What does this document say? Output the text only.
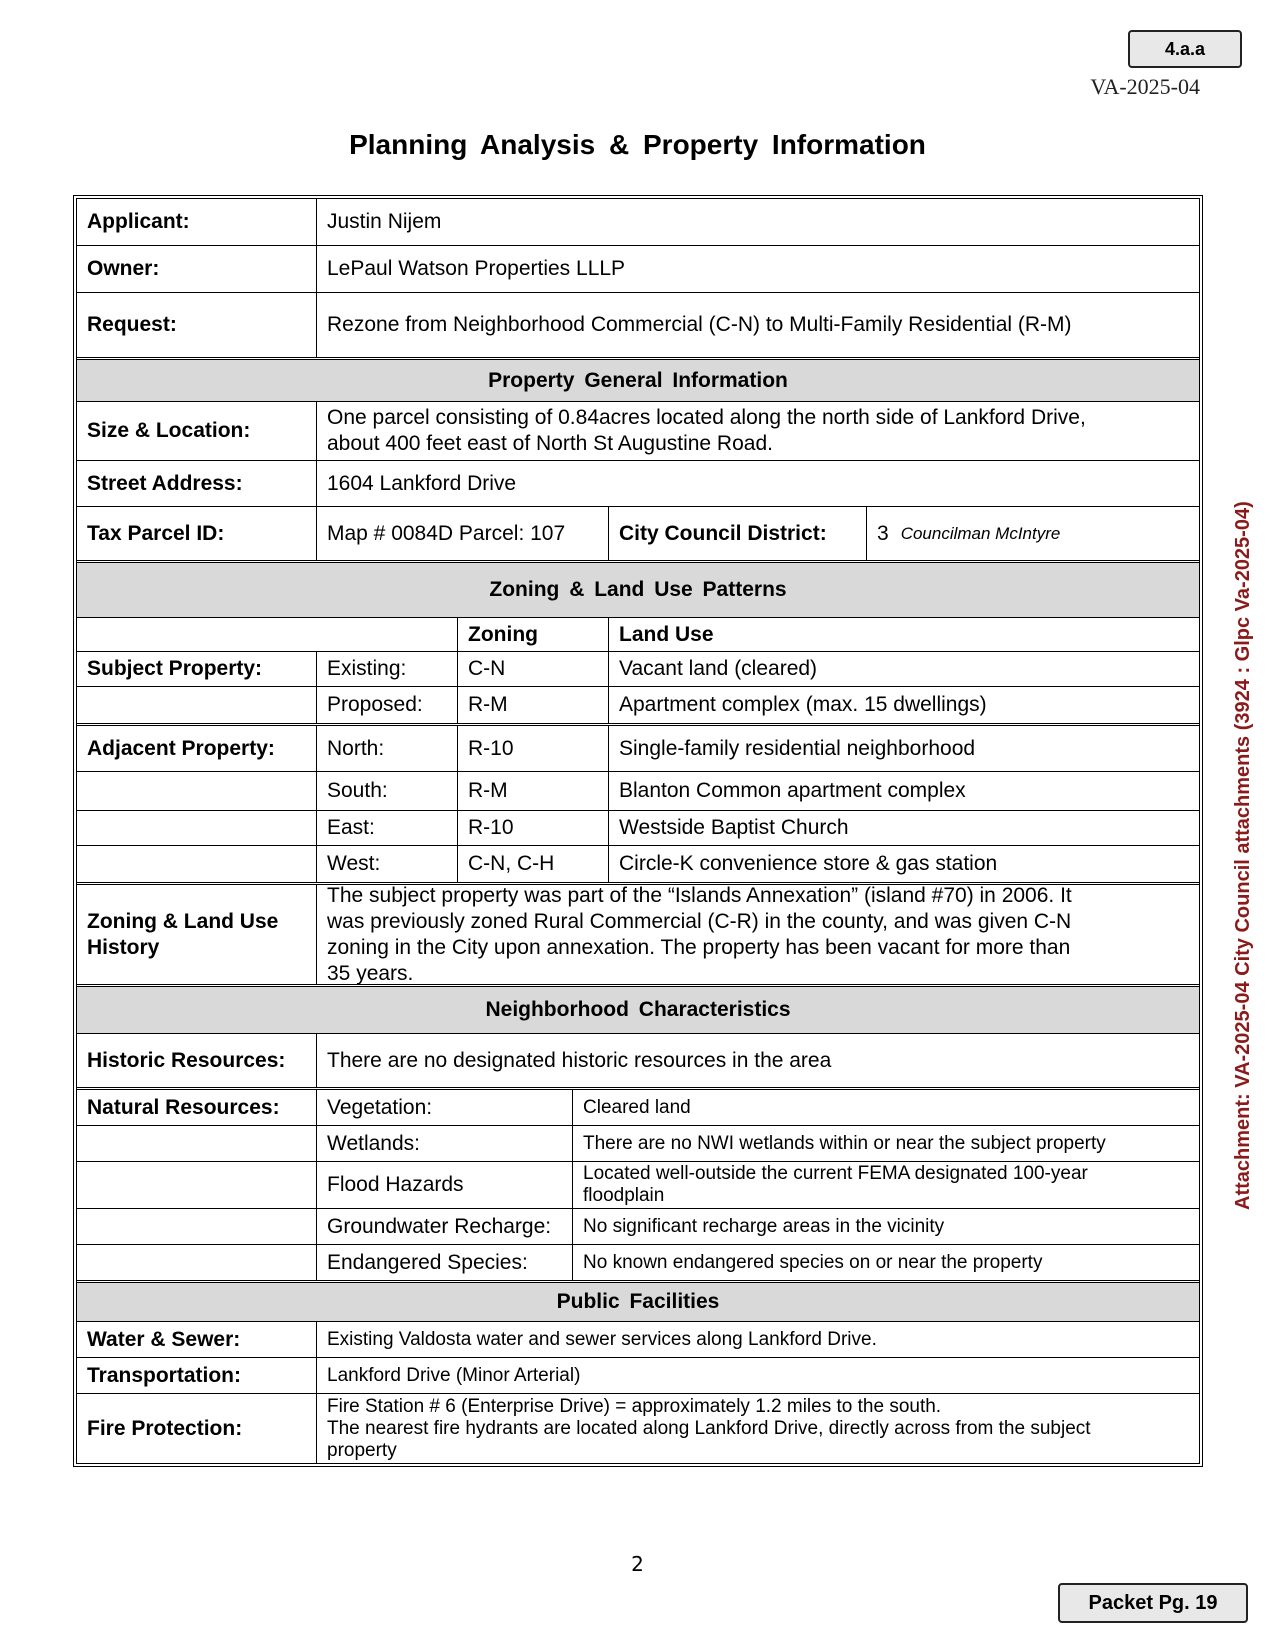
4.a.a
VA-2025-04
Planning Analysis & Property Information
Applicant:	Justin Nijem
Owner:	LePaul Watson Properties LLLP
Request:	Rezone from Neighborhood Commercial (C-N) to Multi-Family Residential (R-M)
Property General Information
Size & Location:
One parcel consisting of 0.84acres located along the north side of Lankford Drive,
about 400 feet east of North St Augustine Road.
Street Address:	1604 Lankford Drive
Tax Parcel ID:	Map # 0084D Parcel: 107	City Council District:	3 Councilman McIntyre
Zoning & Land Use Patterns
Zoning	Land Use
Subject Property:	Existing:	C-N	Vacant land (cleared)
Proposed:	R-M	Apartment complex (max. 15 dwellings)
Adjacent Property:	North:	R-10	Single-family residential neighborhood
South:	R-M	Blanton Common apartment complex
East:	R-10	Westside Baptist Church
West:	C-N, C-H	Circle-K convenience store & gas station
Zoning & Land Use
History
The subject property was part of the “Islands Annexation” (island #70) in 2006. It
was previously zoned Rural Commercial (C-R) in the county, and was given C-N
zoning in the City upon annexation. The property has been vacant for more than
35 years.
Neighborhood Characteristics
Historic Resources:	There are no designated historic resources in the area
Natural Resources:	Vegetation:	Cleared land
Wetlands:	There are no NWI wetlands within or near the subject property
Flood Hazards	Located well-outside the current FEMA designated 100-year
floodplain
Groundwater Recharge:	No significant recharge areas in the vicinity
Endangered Species:	No known endangered species on or near the property
Public Facilities
Water & Sewer:	Existing Valdosta water and sewer services along Lankford Drive.
Transportation:	Lankford Drive (Minor Arterial)
Fire Protection:
Fire Station # 6 (Enterprise Drive) = approximately 1.2 miles to the south.
The nearest fire hydrants are located along Lankford Drive, directly across from the subject
property
2
Packet Pg. 19
Attachment: VA-2025-04 City Council attachments (3924 : Glpc Va-2025-04)
